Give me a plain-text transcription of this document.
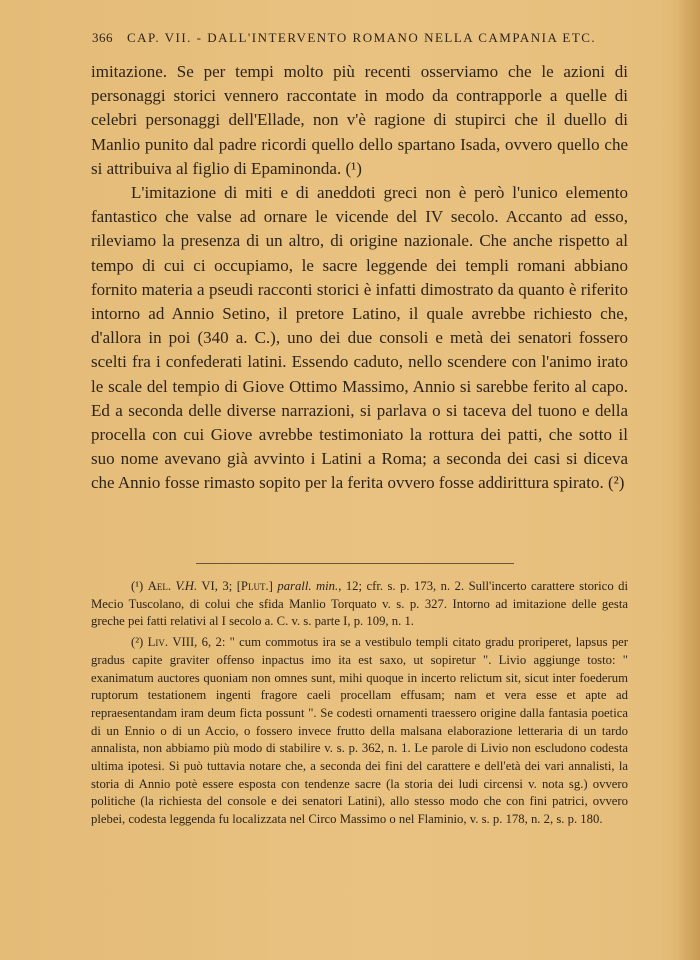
366 CAP. VII. - DALL'INTERVENTO ROMANO NELLA CAMPANIA ETC.

imitazione. Se per tempi molto più recenti osserviamo che le azioni di personaggi storici vennero raccontate in modo da contrapporle a quelle di celebri personaggi dell'Ellade, non v'è ragione di stupirci che il duello di Manlio punito dal padre ricordi quello dello spartano Isada, ovvero quello che si attribuiva al figlio di Epaminonda. (¹)

L'imitazione di miti e di aneddoti greci non è però l'unico elemento fantastico che valse ad ornare le vicende del IV secolo. Accanto ad esso, rileviamo la presenza di un altro, di origine nazionale. Che anche rispetto al tempo di cui ci occupiamo, le sacre leggende dei templi romani abbiano fornito materia a pseudi racconti storici è infatti dimostrato da quanto è riferito intorno ad Annio Setino, il pretore Latino, il quale avrebbe richiesto che, d'allora in poi (340 a. C.), uno dei due consoli e metà dei senatori fossero scelti fra i confederati latini. Essendo caduto, nello scendere con l'animo irato le scale del tempio di Giove Ottimo Massimo, Annio si sarebbe ferito al capo. Ed a seconda delle diverse narrazioni, si parlava o si taceva del tuono e della procella con cui Giove avrebbe testimoniato la rottura dei patti, che sotto il suo nome avevano già avvinto i Latini a Roma; a seconda dei casi si diceva che Annio fosse rimasto sopito per la ferita ovvero fosse addirittura spirato. (²)

(¹) Ael. V.H. VI, 3; [Plut.] parall. min., 12; cfr. s. p. 173, n. 2. Sull'incerto carattere storico di Mecio Tuscolano, di colui che sfida Manlio Torquato v. s. p. 327. Intorno ad imitazione delle gesta greche pei fatti relativi al I secolo a. C. v. s. parte I, p. 109, n. 1.

(²) Liv. VIII, 6, 2: " cum commotus ira se a vestibulo templi citato gradu proriperet, lapsus per gradus capite graviter offenso inpactus imo ita est saxo, ut sopiretur ". Livio aggiunge tosto: " exanimatum auctores quoniam non omnes sunt, mihi quoque in incerto relictum sit, sicut inter foederum ruptorum testationem ingenti fragore caeli procellam effusam; nam et vera esse et apte ad repraesentandam iram deum ficta possunt ". Se codesti ornamenti traessero origine dalla fantasia poetica di un Ennio o di un Accio, o fossero invece frutto della malsana elaborazione letteraria di un tardo annalista, non abbiamo più modo di stabilire v. s. p. 362, n. 1. Le parole di Livio non escludono codesta ultima ipotesi. Si può tuttavia notare che, a seconda dei fini del carattere e dell'età dei vari annalisti, la storia di Annio potè essere esposta con tendenze sacre (la storia dei ludi circensi v. nota sg.) ovvero politiche (la richiesta del console e dei senatori Latini), allo stesso modo che con fini patrici, ovvero plebei, codesta leggenda fu localizzata nel Circo Massimo o nel Flaminio, v. s. p. 178, n. 2, s. p. 180.
